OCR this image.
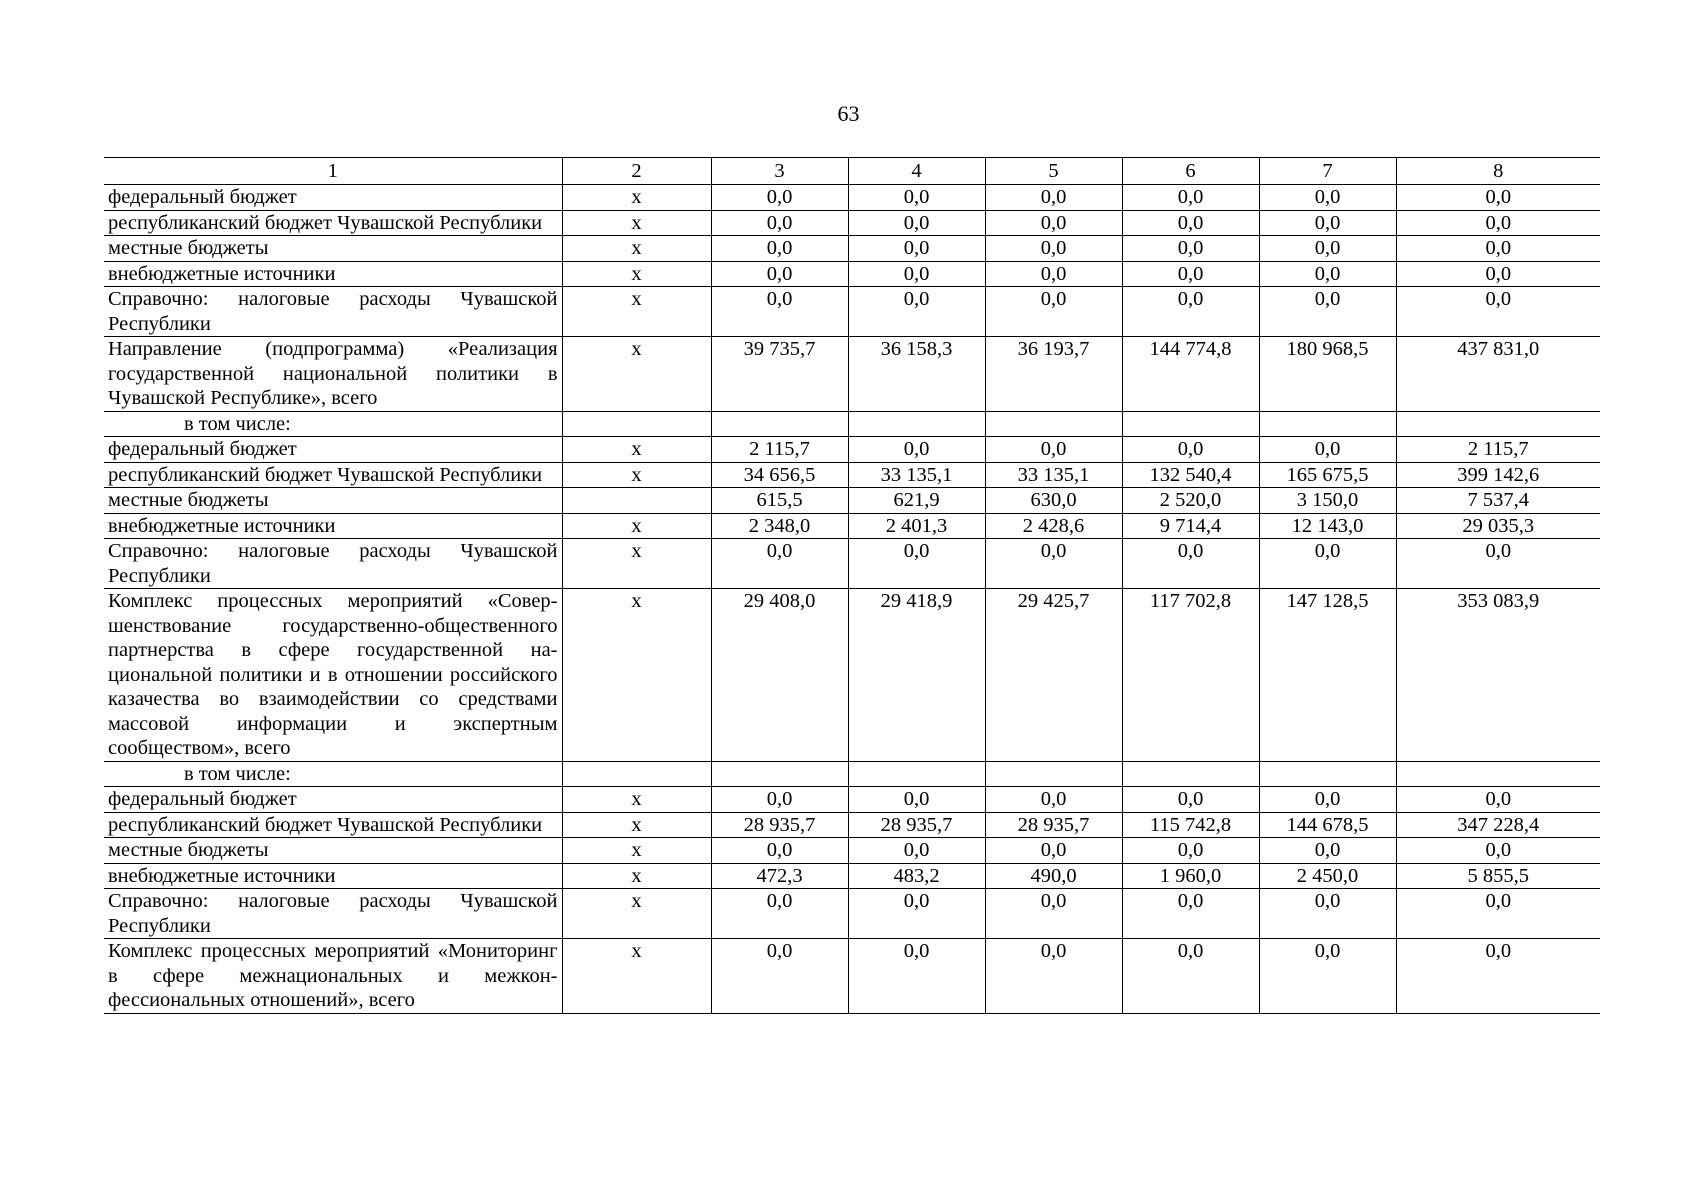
63
1	2	3	4	5	6	7	8
федеральный бюджет	x	0,0	0,0	0,0	0,0	0,0	0,0
республиканский бюджет Чувашской Республики	x	0,0	0,0	0,0	0,0	0,0	0,0
местные бюджеты	x	0,0	0,0	0,0	0,0	0,0	0,0
внебюджетные источники	x	0,0	0,0	0,0	0,0	0,0	0,0
Справочно: налоговые расходы Чувашской Республики	x	0,0	0,0	0,0	0,0	0,0	0,0
Направление (подпрограмма) «Реализация государственной национальной политики в Чувашской Республике», всего	x	39 735,7	36 158,3	36 193,7	144 774,8	180 968,5	437 831,0
в том числе:							
федеральный бюджет	x	2 115,7	0,0	0,0	0,0	0,0	2 115,7
республиканский бюджет Чувашской Республики	x	34 656,5	33 135,1	33 135,1	132 540,4	165 675,5	399 142,6
местные бюджеты		615,5	621,9	630,0	2 520,0	3 150,0	7 537,4
внебюджетные источники	x	2 348,0	2 401,3	2 428,6	9 714,4	12 143,0	29 035,3
Справочно: налоговые расходы Чувашской Республики	x	0,0	0,0	0,0	0,0	0,0	0,0
Комплекс процессных мероприятий «Совершенствование государственно-общественного партнерства в сфере государственной национальной политики и в отношении российского казачества во взаимодействии со средствами массовой информации и экспертным сообществом», всего	x	29 408,0	29 418,9	29 425,7	117 702,8	147 128,5	353 083,9
в том числе:							
федеральный бюджет	x	0,0	0,0	0,0	0,0	0,0	0,0
республиканский бюджет Чувашской Республики	x	28 935,7	28 935,7	28 935,7	115 742,8	144 678,5	347 228,4
местные бюджеты	x	0,0	0,0	0,0	0,0	0,0	0,0
внебюджетные источники	x	472,3	483,2	490,0	1 960,0	2 450,0	5 855,5
Справочно: налоговые расходы Чувашской Республики	x	0,0	0,0	0,0	0,0	0,0	0,0
Комплекс процессных мероприятий «Мониторинг в сфере межнациональных и межконфессиональных отношений», всего	x	0,0	0,0	0,0	0,0	0,0	0,0
